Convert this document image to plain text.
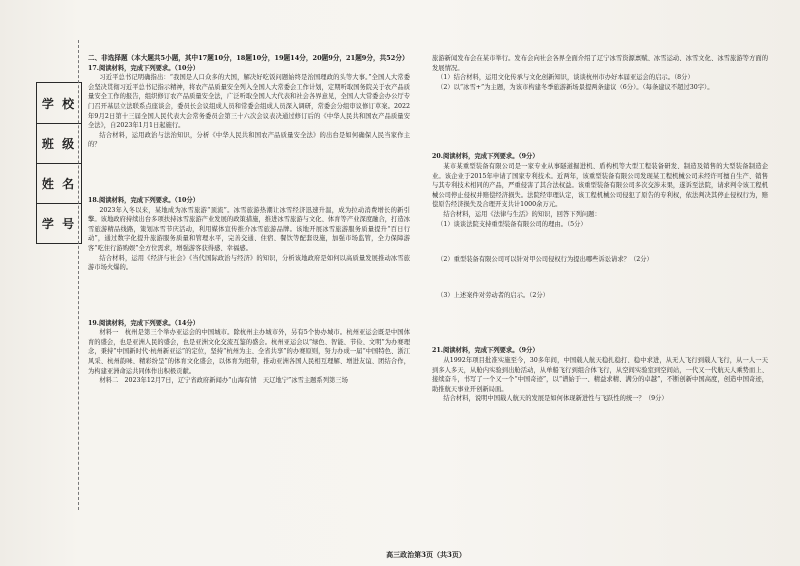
学 校
班 级
姓 名
学 号

二、非选择题（本大题共5小题，其中17题10分，18题10分，19题14分，20题9分，21题9分，共52分）

17.阅读材料，完成下列要求。（10分）

习近平总书记明确指出：“我国是人口众多的大国，解决好吃饭问题始终是治国理政的头等大事。”全国人大常委会坚决贯彻习近平总书记指示精神，将农产品质量安全列入全国人大常委会工作计划，定期听取国务院关于农产品质量安全工作的报告，组织修订农产品质量安全法，广泛听取全国人大代表和社会各界意见，全国人大常委会办公厅专门召开基层立法联系点座谈会，委员长会议组成人员和常委会组成人员深入调研，常委会分组审议修订草案。2022年9月2日第十三届全国人民代表大会常务委员会第三十六次会议表决通过修订后的《中华人民共和国农产品质量安全法》，自2023年1月1日起施行。

结合材料，运用政治与法治知识，分析《中华人民共和国农产品质量安全法》的出台是如何确保人民当家作主的？

18.阅读材料，完成下列要求。（10分）

2023年入冬以来，某地成为冰雪旅游“顶流”。冰雪旅游热潮让冰雪经济迅速升温，成为拉动消费增长的新引擎。该地政府持续出台多项扶持冰雪旅游产业发展的政策措施，推进冰雪旅游与文化、体育等产业深度融合，打造冰雪旅游精品线路，策划冰雪节庆活动，利用媒体宣传推介冰雪旅游品牌。该地开展冰雪旅游服务质量提升“百日行动”，通过数字化提升旅游服务质量和管理水平，完善交通、住宿、餐饮等配套设施，加强市场监管，全力保障游客“吃住行游购娱”全方位需求，增强游客获得感、幸福感。

结合材料，运用《经济与社会》《当代国际政治与经济》的知识，分析该地政府是如何以高质量发展推动冰雪旅游市场火爆的。

19.阅读材料，完成下列要求。（14分）

材料一　杭州是第三个举办亚运会的中国城市。除杭州主办城市外，另有5个协办城市。杭州亚运会既是中国体育的盛会，也是亚洲人民的盛会，也是亚洲文化交流互鉴的盛会。杭州亚运会以“绿色、智能、节俭、文明”为办赛理念，秉持“中国新时代·杭州新亚运”的定位，坚持“杭州为主、全省共享”的办赛原则，努力办成一届“中国特色、浙江风采、杭州韵味、精彩纷呈”的体育文化盛会，以体育为纽带，推动亚洲各国人民相互理解、增进友谊、团结合作，为构建亚洲命运共同体作出积极贡献。

材料二　2023年12月7日，辽宁省政府新闻办“山海有情　天辽地宁”冰雪主题系列第三场

旅游新闻发布会在某市举行。发布会向社会各界全面介绍了辽宁冰雪资源禀赋、冰雪运动、冰雪文化、冰雪旅游等方面的发展情况。

（1）结合材料，运用文化传承与文化创新知识，谈谈杭州市办好本届亚运会的启示。（8分）

（2）以“冰雪+”为主题，为该市构建冬季旅游新场景提两条建议（6分）。（每条建议不超过30字）。

20.阅读材料，完成下列要求。（9分）

某市某重型装备有限公司是一家专业从事隧道掘进机、盾构机等大型工程装备研发、制造及销售的大型装备制造企业。该企业于2015年申请了国家专利技术。近两年，该重型装备有限公司发现某工程机械公司未经许可擅自生产、销售与其专利技术相同的产品，严重侵害了其合法权益。该重型装备有限公司多次交涉未果，遂诉至法院，请求判令该工程机械公司停止侵权并赔偿经济损失。法院经审理认定，该工程机械公司侵犯了原告的专利权，依法判决其停止侵权行为，赔偿原告经济损失及合理开支共计1000余万元。

结合材料，运用《法律与生活》的知识，回答下列问题：

（1）谈谈法院支持重型装备有限公司的理由。（5分）

（2）重型装备有限公司可以针对甲公司侵权行为提出哪些诉讼请求？（2分）

（3）上述案件对劳动者的启示。（2分）

21.阅读材料，完成下列要求。（9分）

从1992年项目批准实施至今，30多年间，中国载人航天稳扎稳打、稳中求进，从无人飞行到载人飞行，从一人一天到多人多天，从舱内实验到出舱活动，从单船飞行到组合体飞行，从空间实验室到空间站，一代又一代航天人乘势而上、接续奋斗，书写了一个又一个“中国奇迹”，以“谱始于一、精益求精、满分的卓越”，不断创新中国高度，创造中国奇迹，助推航天事业开创新局面。

结合材料，说明中国载人航天的发展是如何体现新进性与飞跃性的统一？（9分）

高三政治第3页（共3页）
